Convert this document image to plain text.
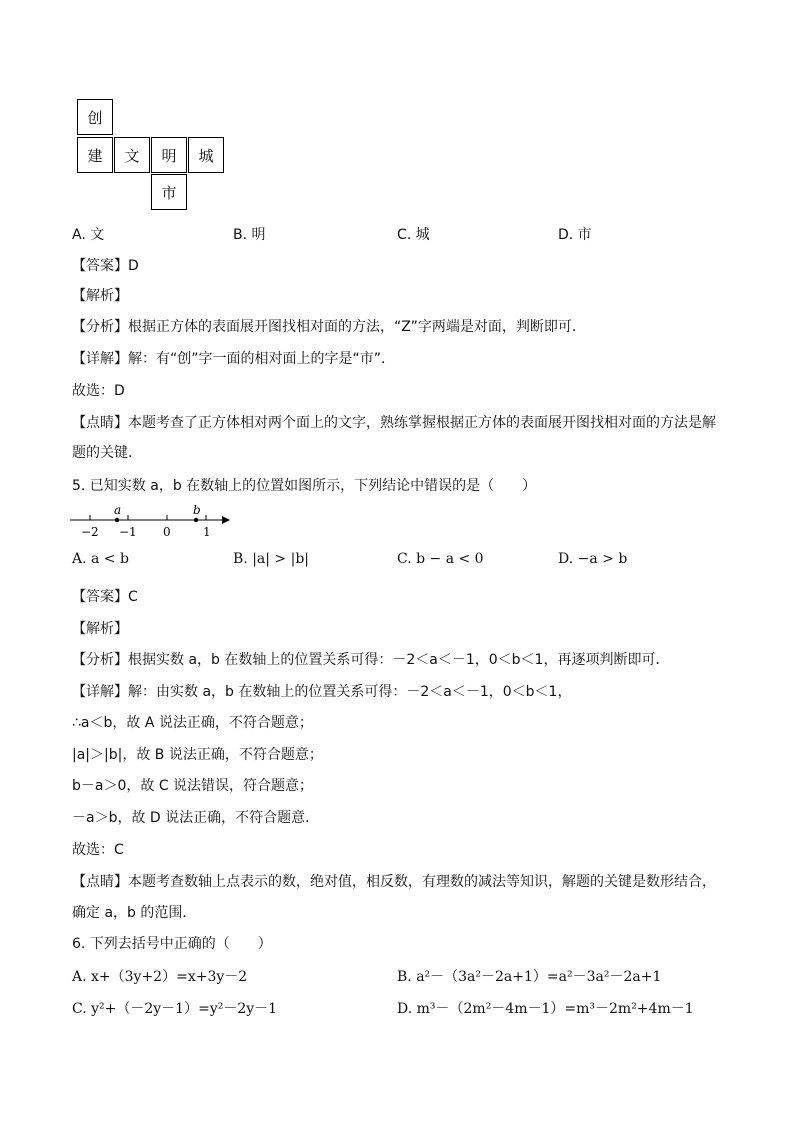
创
建	文	明	城
市
A. 文	B. 明	C. 城	D. 市
【答案】D
【解析】
【分析】根据正方体的表面展开图找相对面的方法，“Z”字两端是对面，判断即可．
【详解】解：有“创”字一面的相对面上的字是“市”．
故选：D
【点睛】本题考查了正方体相对两个面上的文字，熟练掌握根据正方体的表面展开图找相对面的方法是解
题的关键．
5. 已知实数 a，b 在数轴上的位置如图所示，下列结论中错误的是（　　）
a	b
−2 −1 0	1
A. a < b	B. |a| > |b|	C. b − a < 0	D. −a > b
【答案】C
【解析】
【分析】根据实数 a，b 在数轴上的位置关系可得：－2＜a＜－1，0＜b＜1，再逐项判断即可．
【详解】解：由实数 a，b 在数轴上的位置关系可得：－2＜a＜－1，0＜b＜1，
∴a＜b，故 A 说法正确，不符合题意；
|a|＞|b|，故 B 说法正确，不符合题意；
b－a＞0，故 C 说法错误，符合题意；
－a＞b，故 D 说法正确，不符合题意．
故选：C
【点睛】本题考查数轴上点表示的数，绝对值，相反数，有理数的减法等知识，解题的关键是数形结合，
确定 a，b 的范围．
6. 下列去括号中正确的（　　）
A. x+（3y+2）=x+3y－2	B. a²－（3a²－2a+1）=a²－3a²－2a+1
C. y²+（－2y－1）=y²－2y－1	D. m³－（2m²－4m－1）=m³－2m²+4m－1
